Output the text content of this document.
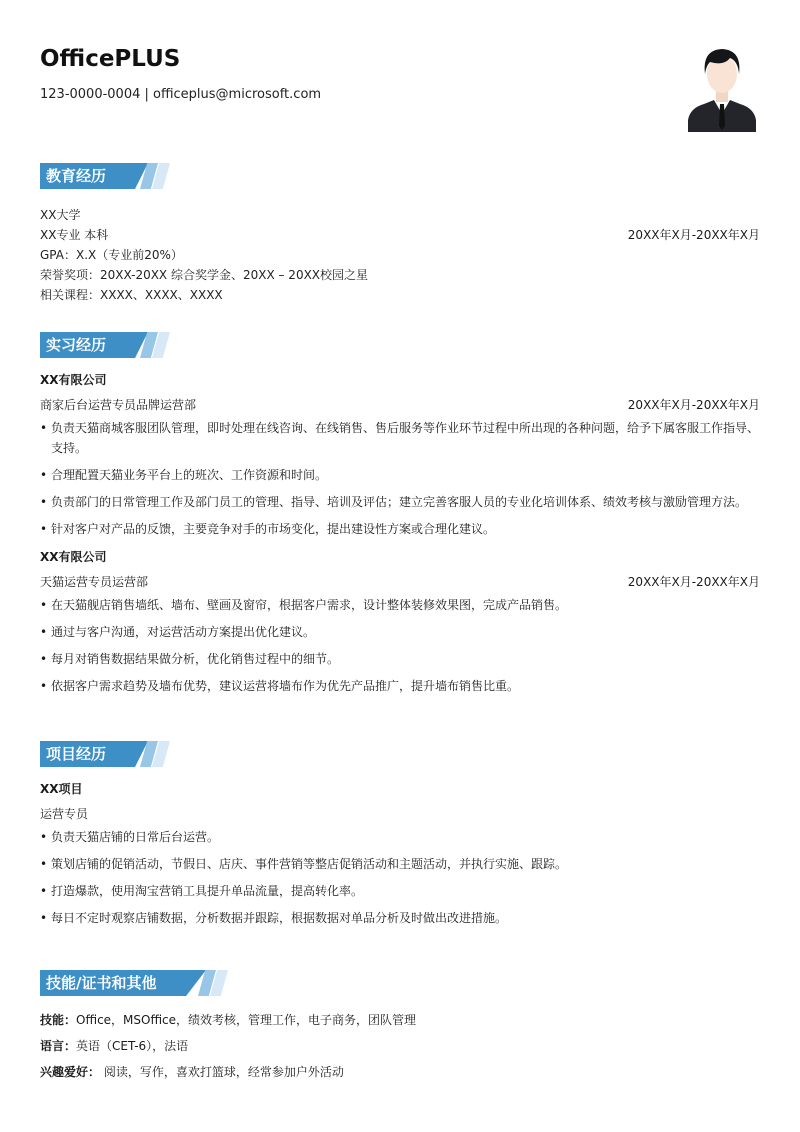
OfficePLUS
123-0000-0004 | officeplus@microsoft.com
教育经历
XX大学
XX专业 本科	20XX年X月-20XX年X月
GPA：X.X（专业前20%）
荣誉奖项：20XX-20XX 综合奖学金、20XX – 20XX校园之星
相关课程：XXXX、XXXX、XXXX
实习经历
XX有限公司
商家后台运营专员品牌运营部	20XX年X月-20XX年X月
• 负责天猫商城客服团队管理，即时处理在线咨询、在线销售、售后服务等作业环节过程中所出现的各种问题，给予下属客服工作指导、支持。
• 合理配置天猫业务平台上的班次、工作资源和时间。
• 负责部门的日常管理工作及部门员工的管理、指导、培训及评估；建立完善客服人员的专业化培训体系、绩效考核与激励管理方法。
• 针对客户对产品的反馈，主要竞争对手的市场变化，提出建设性方案或合理化建议。
XX有限公司
天猫运营专员运营部	20XX年X月-20XX年X月
• 在天猫舰店销售墙纸、墙布、壁画及窗帘，根据客户需求，设计整体装修效果图，完成产品销售。
• 通过与客户沟通，对运营活动方案提出优化建议。
• 每月对销售数据结果做分析，优化销售过程中的细节。
• 依据客户需求趋势及墙布优势，建议运营将墙布作为优先产品推广，提升墙布销售比重。
项目经历
XX项目
运营专员
• 负责天猫店铺的日常后台运营。
• 策划店铺的促销活动，节假日、店庆、事件营销等整店促销活动和主题活动，并执行实施、跟踪。
• 打造爆款，使用淘宝营销工具提升单品流量，提高转化率。
• 每日不定时观察店铺数据，分析数据并跟踪，根据数据对单品分析及时做出改进措施。
技能/证书和其他
技能：Office，MSOffice，绩效考核，管理工作，电子商务，团队管理
语言：英语（CET-6），法语
兴趣爱好： 阅读，写作，喜欢打篮球，经常参加户外活动
